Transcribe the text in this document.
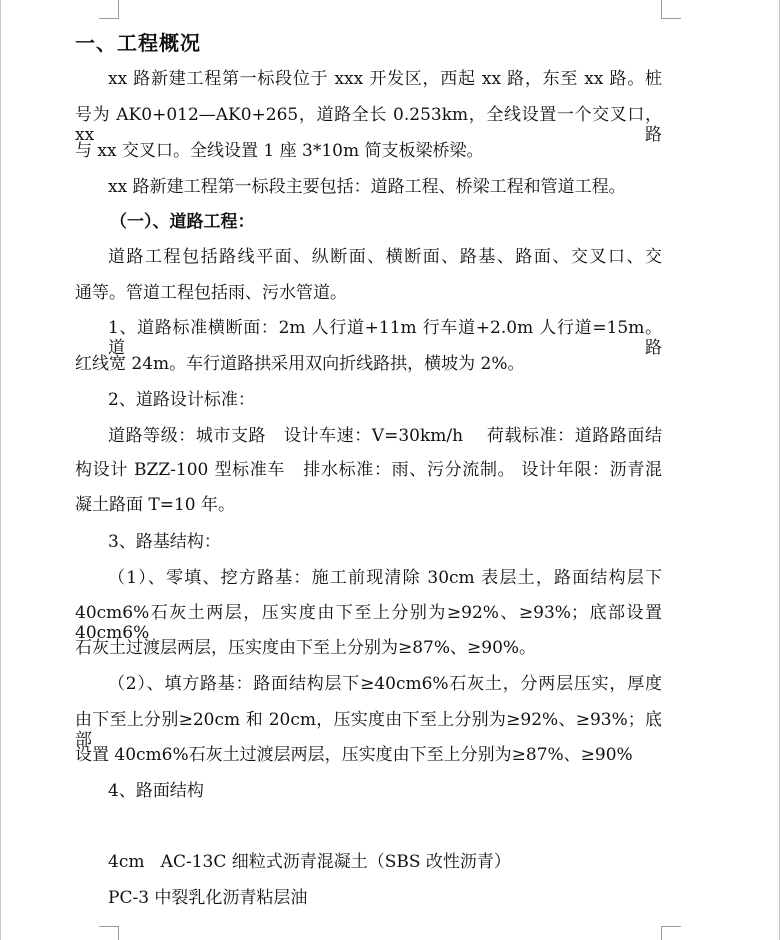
一、工程概况
xx 路新建工程第一标段位于 xxx 开发区，西起 xx 路，东至 xx 路。桩
号为 AK0+012—AK0+265，道路全长 0.253km，全线设置一个交叉口，xx 路
与 xx 交叉口。全线设置 1 座 3*10m 简支板梁桥梁。
xx 路新建工程第一标段主要包括：道路工程、桥梁工程和管道工程。
（一）、道路工程：
道路工程包括路线平面、纵断面、横断面、路基、路面、交叉口、交
通等。管道工程包括雨、污水管道。
1、道路标准横断面：2m 人行道+11m 行车道+2.0m 人行道=15m。道路
红线宽 24m。车行道路拱采用双向折线路拱，横坡为 2%。
2、道路设计标准：
道路等级：城市支路   设计车速：V=30km/h    荷载标准：道路路面结
构设计 BZZ-100 型标准车   排水标准：雨、污分流制。 设计年限：沥青混
凝土路面 T=10 年。
3、路基结构：
（1）、零填、挖方路基：施工前现清除 30cm 表层土，路面结构层下
40cm6%石灰土两层，压实度由下至上分别为≥92%、≥93%；底部设置 40cm6%
石灰土过渡层两层，压实度由下至上分别为≥87%、≥90%。
（2）、填方路基：路面结构层下≥40cm6%石灰土，分两层压实，厚度
由下至上分别≥20cm 和 20cm，压实度由下至上分别为≥92%、≥93%；底部
设置 40cm6%石灰土过渡层两层，压实度由下至上分别为≥87%、≥90%
4、路面结构
4cm   AC-13C 细粒式沥青混凝土（SBS 改性沥青）
PC-3 中裂乳化沥青粘层油
